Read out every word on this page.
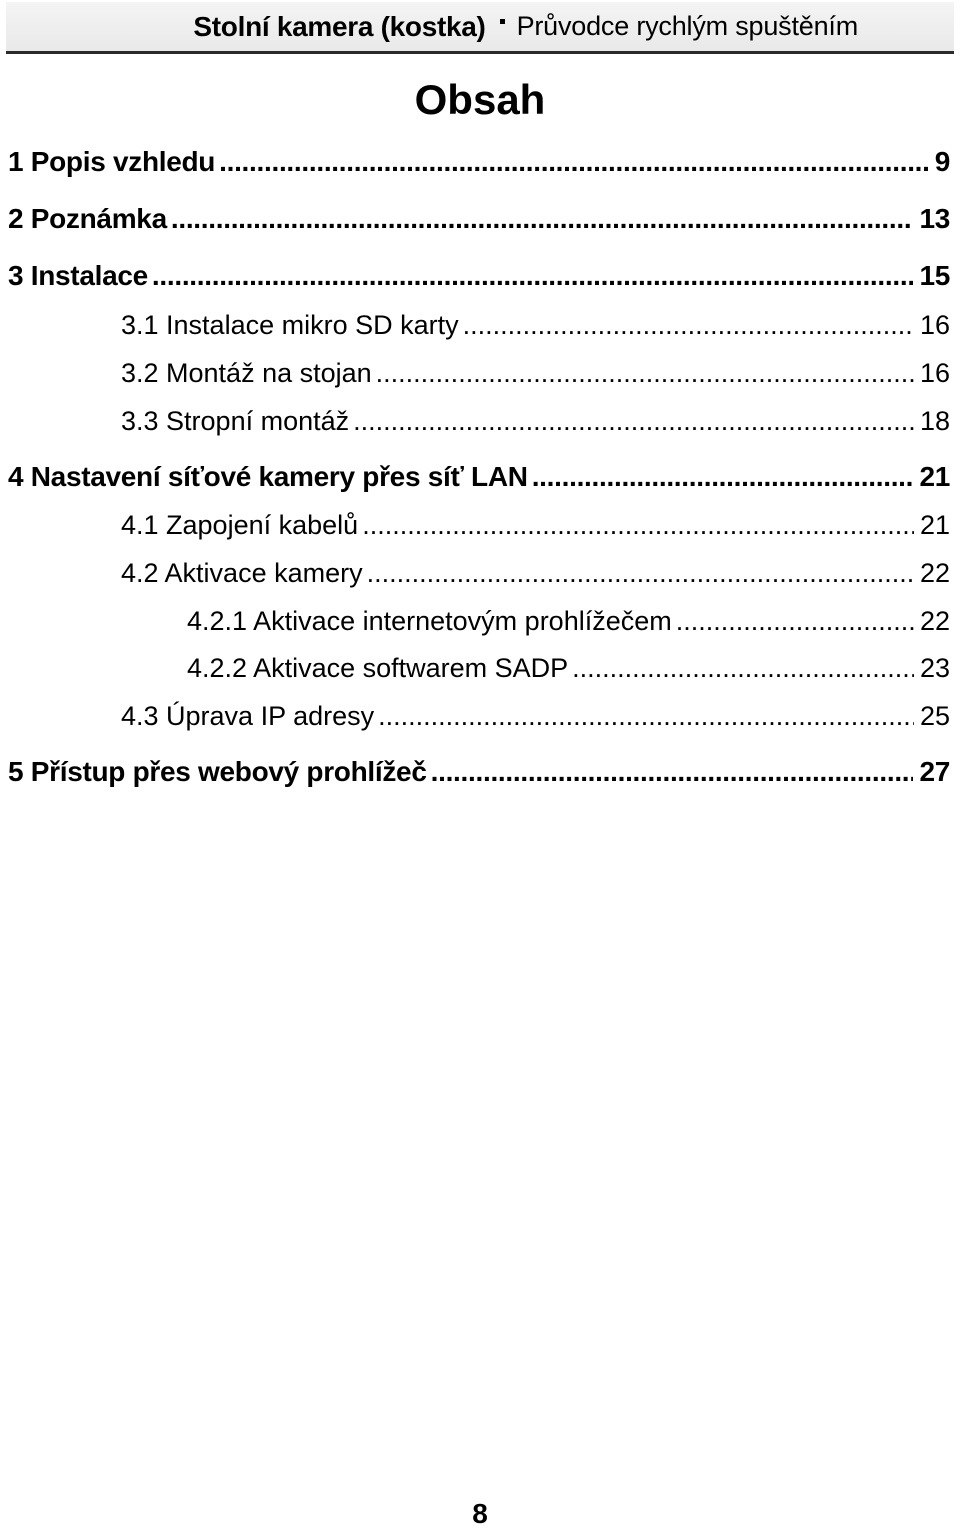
Stolní kamera (kostka) Průvodce rychlým spuštěním
Obsah
1 Popis vzhledu .....	9
2 Poznámka .....	13
3 Instalace .....	15
3.1 Instalace mikro SD karty .....	16
3.2 Montáž na stojan .....	16
3.3 Stropní montáž .....	18
4 Nastavení síťové kamery přes síť LAN .....	21
4.1 Zapojení kabelů .....	21
4.2 Aktivace kamery .....	22
4.2.1 Aktivace internetovým prohlížečem .....	22
4.2.2 Aktivace softwarem SADP .....	23
4.3 Úprava IP adresy .....	25
5 Přístup přes webový prohlížeč .....	27
8
